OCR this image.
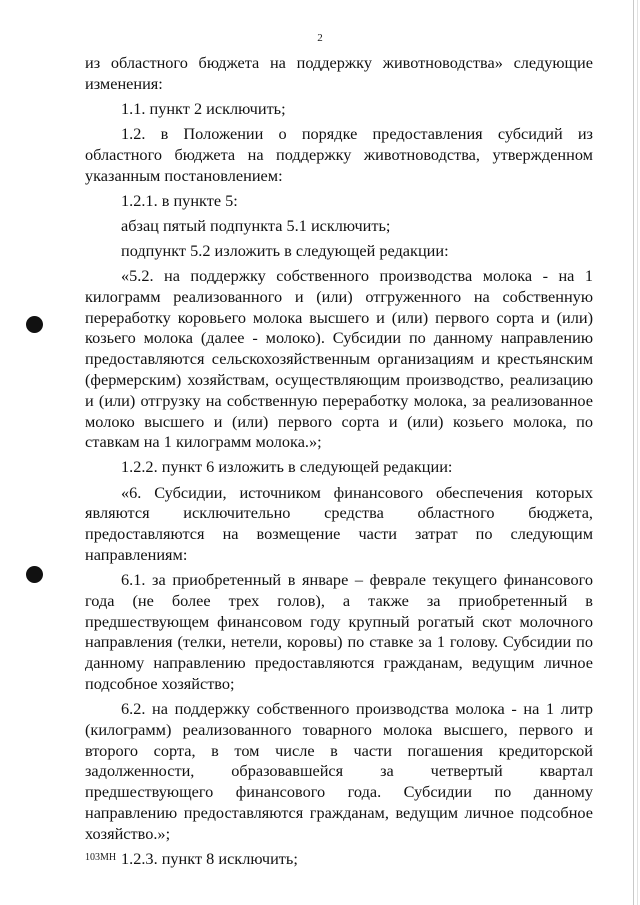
2

из областного бюджета на поддержку животноводства» следующие изменения:

1.1. пункт 2 исключить;

1.2. в Положении о порядке предоставления субсидий из областного бюджета на поддержку животноводства, утвержденном указанным постановлением:

1.2.1. в пункте 5:

абзац пятый подпункта 5.1 исключить;

подпункт 5.2 изложить в следующей редакции:

«5.2. на поддержку собственного производства молока - на 1 килограмм реализованного и (или) отгруженного на собственную переработку коровьего молока высшего и (или) первого сорта и (или) козьего молока (далее - молоко). Субсидии по данному направлению предоставляются сельскохозяйственным организациям и крестьянским (фермерским) хозяйствам, осуществляющим производство, реализацию и (или) отгрузку на собственную переработку молока, за реализованное молоко высшего и (или) первого сорта и (или) козьего молока, по ставкам на 1 килограмм молока.»;

1.2.2. пункт 6 изложить в следующей редакции:

«6. Субсидии, источником финансового обеспечения которых являются исключительно средства областного бюджета, предоставляются на возмещение части затрат по следующим направлениям:

6.1. за приобретенный в январе – феврале текущего финансового года (не более трех голов), а также за приобретенный в предшествующем финансовом году крупный рогатый скот молочного направления (телки, нетели, коровы) по ставке за 1 голову. Субсидии по данному направлению предоставляются гражданам, ведущим личное подсобное хозяйство;

6.2. на поддержку собственного производства молока - на 1 литр (килограмм) реализованного товарного молока высшего, первого и второго сорта, в том числе в части погашения кредиторской задолженности, образовавшейся за четвертый квартал предшествующего финансового года. Субсидии по данному направлению предоставляются гражданам, ведущим личное подсобное хозяйство.»;

1.2.3. пункт 8 исключить;

103МН
